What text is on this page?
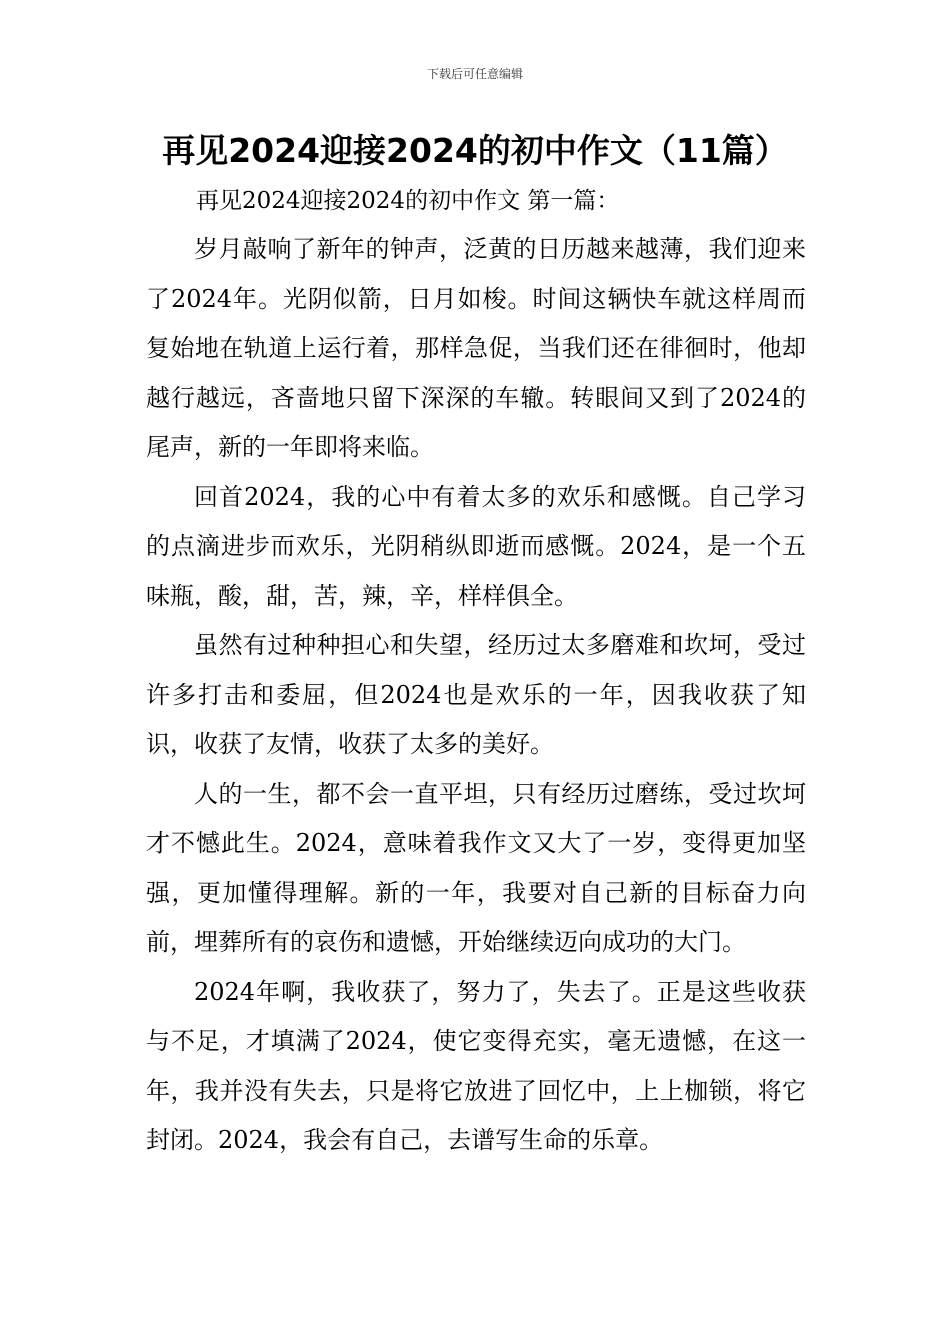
下载后可任意编辑
再见2024迎接2024的初中作文（11篇）
再见2024迎接2024的初中作文 第一篇：

岁月敲响了新年的钟声，泛黄的日历越来越薄，我们迎来了2024年。光阴似箭，日月如梭。时间这辆快车就这样周而复始地在轨道上运行着，那样急促，当我们还在徘徊时，他却越行越远，吝啬地只留下深深的车辙。转眼间又到了2024的尾声，新的一年即将来临。

回首2024，我的心中有着太多的欢乐和感慨。自己学习的点滴进步而欢乐，光阴稍纵即逝而感慨。2024，是一个五味瓶，酸，甜，苦，辣，辛，样样俱全。

虽然有过种种担心和失望，经历过太多磨难和坎坷，受过许多打击和委屈，但2024也是欢乐的一年，因我收获了知识，收获了友情，收获了太多的美好。

人的一生，都不会一直平坦，只有经历过磨练，受过坎坷才不憾此生。2024，意味着我作文又大了一岁，变得更加坚强，更加懂得理解。新的一年，我要对自己新的目标奋力向前，埋葬所有的哀伤和遗憾，开始继续迈向成功的大门。

2024年啊，我收获了，努力了，失去了。正是这些收获与不足，才填满了2024，使它变得充实，毫无遗憾，在这一年，我并没有失去，只是将它放进了回忆中，上上枷锁，将它封闭。2024，我会有自己，去谱写生命的乐章。
